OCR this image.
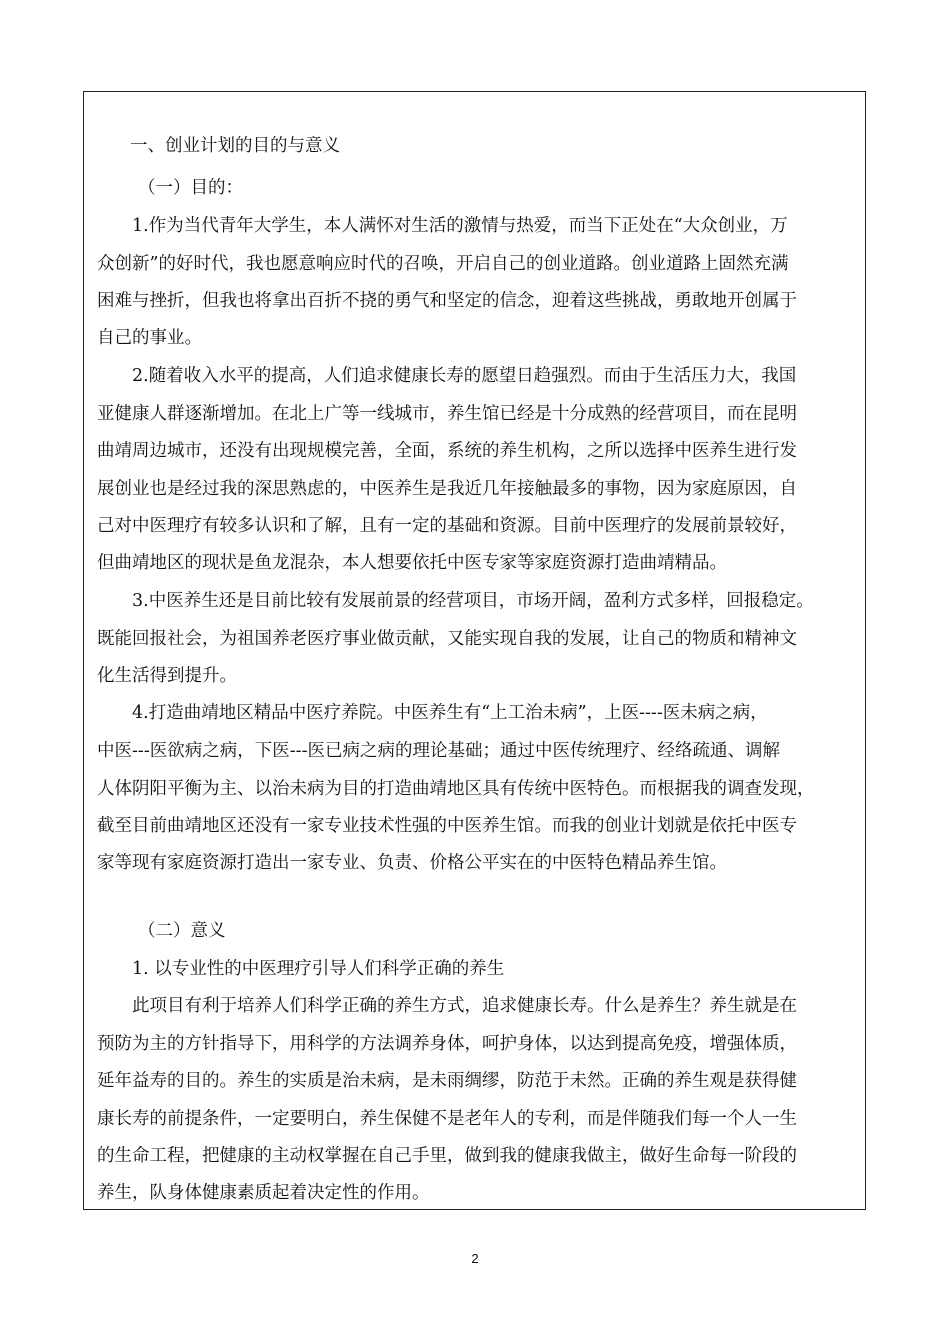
一、创业计划的目的与意义
（一）目的：
1.作为当代青年大学生，本人满怀对生活的激情与热爱，而当下正处在“大众创业，万
众创新”的好时代，我也愿意响应时代的召唤，开启自己的创业道路。创业道路上固然充满
困难与挫折，但我也将拿出百折不挠的勇气和坚定的信念，迎着这些挑战，勇敢地开创属于
自己的事业。
2.随着收入水平的提高，人们追求健康长寿的愿望日趋强烈。而由于生活压力大，我国
亚健康人群逐渐增加。在北上广等一线城市，养生馆已经是十分成熟的经营项目，而在昆明
曲靖周边城市，还没有出现规模完善，全面，系统的养生机构，之所以选择中医养生进行发
展创业也是经过我的深思熟虑的，中医养生是我近几年接触最多的事物，因为家庭原因，自
己对中医理疗有较多认识和了解，且有一定的基础和资源。目前中医理疗的发展前景较好，
但曲靖地区的现状是鱼龙混杂，本人想要依托中医专家等家庭资源打造曲靖精品。
3.中医养生还是目前比较有发展前景的经营项目，市场开阔，盈利方式多样，回报稳定。
既能回报社会，为祖国养老医疗事业做贡献，又能实现自我的发展，让自己的物质和精神文
化生活得到提升。
4.打造曲靖地区精品中医疗养院。中医养生有“上工治未病”，上医----医未病之病，
中医---医欲病之病，下医---医已病之病的理论基础；通过中医传统理疗、经络疏通、调解
人体阴阳平衡为主、以治未病为目的打造曲靖地区具有传统中医特色。而根据我的调查发现，
截至目前曲靖地区还没有一家专业技术性强的中医养生馆。而我的创业计划就是依托中医专
家等现有家庭资源打造出一家专业、负责、价格公平实在的中医特色精品养生馆。
（二）意义
1. 以专业性的中医理疗引导人们科学正确的养生
此项目有利于培养人们科学正确的养生方式，追求健康长寿。什么是养生？养生就是在
预防为主的方针指导下，用科学的方法调养身体，呵护身体，以达到提高免疫，增强体质，
延年益寿的目的。养生的实质是治未病，是未雨绸缪，防范于未然。正确的养生观是获得健
康长寿的前提条件，一定要明白，养生保健不是老年人的专利，而是伴随我们每一个人一生
的生命工程，把健康的主动权掌握在自己手里，做到我的健康我做主，做好生命每一阶段的
养生，队身体健康素质起着决定性的作用。
2
